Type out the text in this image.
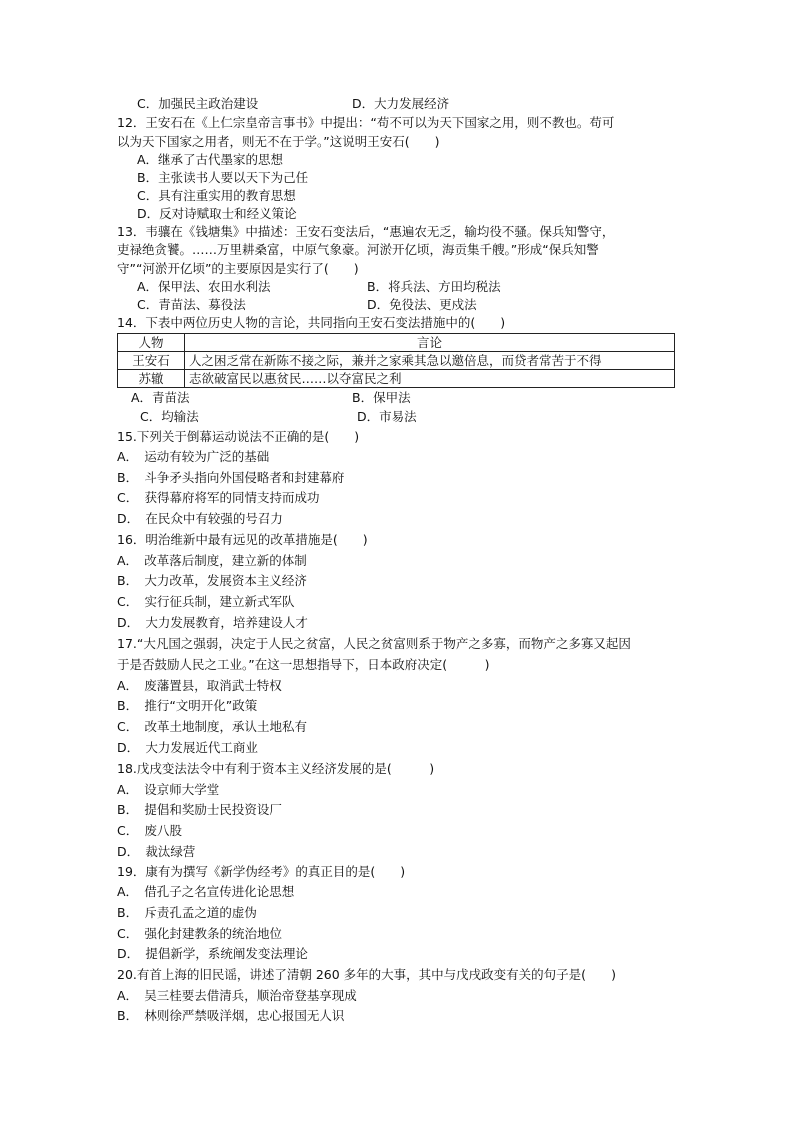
C．加强民主政治建设	D．大力发展经济
12．王安石在《上仁宗皇帝言事书》中提出：“苟不可以为天下国家之用，则不教也。苟可
以为天下国家之用者，则无不在于学。”这说明王安石(　　)
A．继承了古代墨家的思想
B．主张读书人要以天下为己任
C．具有注重实用的教育思想
D．反对诗赋取士和经义策论
13．韦骧在《钱塘集》中描述：王安石变法后，“惠遍农无乏，输均役不骚。保兵知警守，
吏禄绝贪饕。……万里耕桑富，中原气象豪。河淤开亿顷，海贡集千艘。”形成“保兵知警
守”“河淤开亿顷”的主要原因是实行了(　　)
A．保甲法、农田水利法	B．将兵法、方田均税法
C．青苗法、募役法	D．免役法、更戍法
14．下表中两位历史人物的言论，共同指向王安石变法措施中的(　　)
人物	言论
王安石	人之困乏常在新陈不接之际，兼并之家乘其急以邀倍息，而贷者常苦于不得
苏辙	志欲破富民以惠贫民……以夺富民之利
A．青苗法	B．保甲法
C．均输法	D．市易法
15.下列关于倒幕运动说法不正确的是(　　)
A．　运动有较为广泛的基础
B．　斗争矛头指向外国侵略者和封建幕府
C．　获得幕府将军的同情支持而成功
D．　在民众中有较强的号召力
16．明治维新中最有远见的改革措施是(　　)
A．　改革落后制度，建立新的体制
B．　大力改革，发展资本主义经济
C．　实行征兵制，建立新式军队
D．　大力发展教育，培养建设人才
17.“大凡国之强弱，决定于人民之贫富，人民之贫富则系于物产之多寡，而物产之多寡又起因
于是否鼓励人民之工业。”在这一思想指导下，日本政府决定(　　　)
A．　废藩置县，取消武士特权
B．　推行“文明开化”政策
C．　改革土地制度，承认土地私有
D．　大力发展近代工商业
18.戊戌变法法令中有利于资本主义经济发展的是(　　　)
A．　设京师大学堂
B．　提倡和奖励士民投资设厂
C．　废八股
D．　裁汰绿营
19．康有为撰写《新学伪经考》的真正目的是(　　)
A．　借孔子之名宣传进化论思想
B．　斥责孔孟之道的虚伪
C．　强化封建教条的统治地位
D．　提倡新学，系统阐发变法理论
20.有首上海的旧民谣，讲述了清朝 260 多年的大事，其中与戊戌政变有关的句子是(　　)
A．　吴三桂要去借清兵，顺治帝登基享现成
B．　林则徐严禁吸洋烟，忠心报国无人识
